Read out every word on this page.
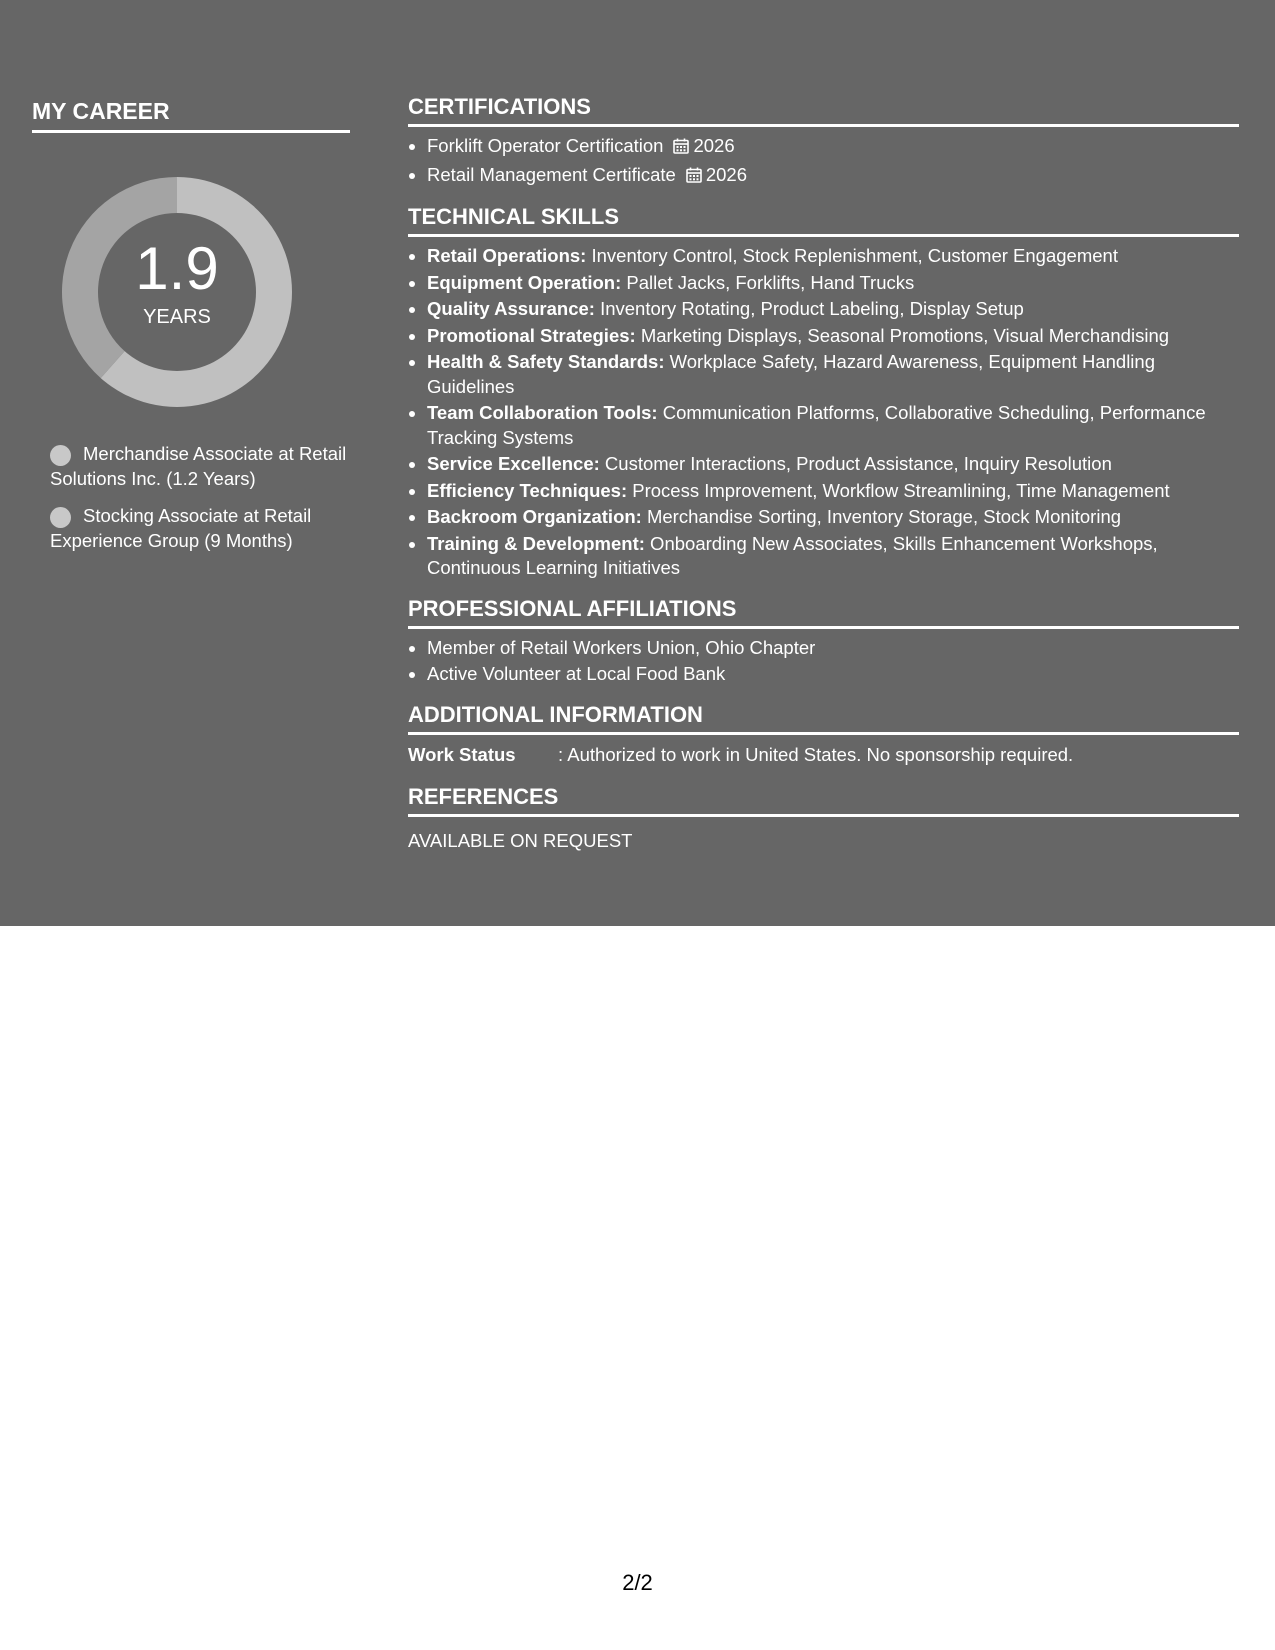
MY CAREER
1.9
YEARS
Merchandise Associate at Retail Solutions Inc. (1.2 Years)
Stocking Associate at Retail Experience Group (9 Months)
CERTIFICATIONS
• Forklift Operator Certification 2026
• Retail Management Certificate 2026
TECHNICAL SKILLS
• Retail Operations: Inventory Control, Stock Replenishment, Customer Engagement
• Equipment Operation: Pallet Jacks, Forklifts, Hand Trucks
• Quality Assurance: Inventory Rotating, Product Labeling, Display Setup
• Promotional Strategies: Marketing Displays, Seasonal Promotions, Visual Merchandising
• Health & Safety Standards: Workplace Safety, Hazard Awareness, Equipment Handling Guidelines
• Team Collaboration Tools: Communication Platforms, Collaborative Scheduling, Performance Tracking Systems
• Service Excellence: Customer Interactions, Product Assistance, Inquiry Resolution
• Efficiency Techniques: Process Improvement, Workflow Streamlining, Time Management
• Backroom Organization: Merchandise Sorting, Inventory Storage, Stock Monitoring
• Training & Development: Onboarding New Associates, Skills Enhancement Workshops, Continuous Learning Initiatives
PROFESSIONAL AFFILIATIONS
• Member of Retail Workers Union, Ohio Chapter
• Active Volunteer at Local Food Bank
ADDITIONAL INFORMATION
Work Status : Authorized to work in United States. No sponsorship required.
REFERENCES

AVAILABLE ON REQUEST

2/2
